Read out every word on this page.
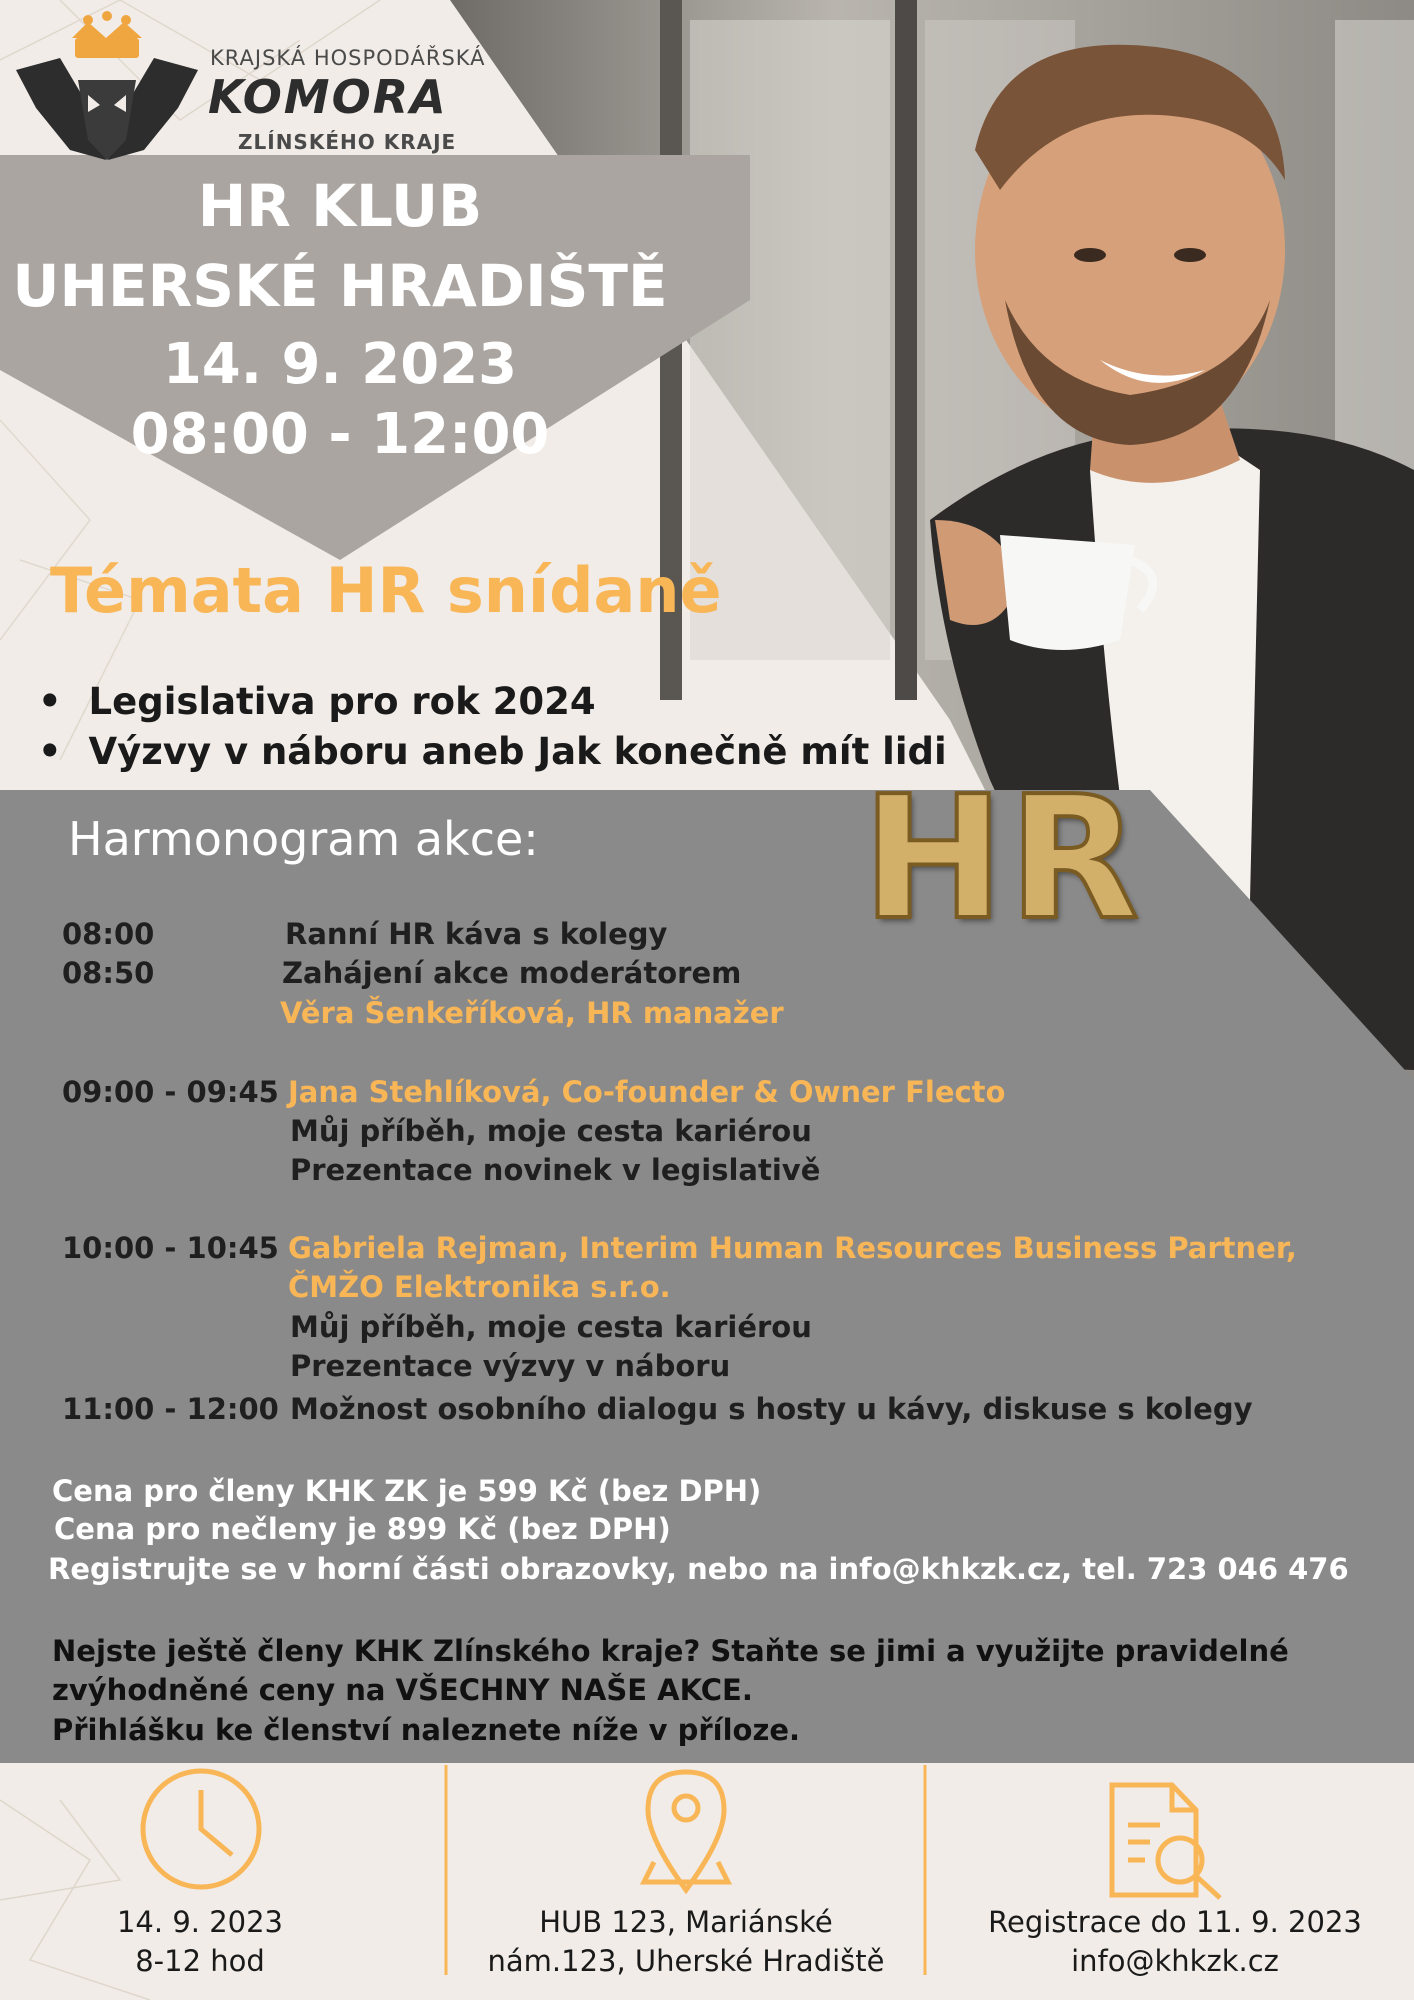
KRAJSKÁ HOSPODÁŘSKÁ
KOMORA
ZLÍNSKÉHO KRAJE
HR KLUB
UHERSKÉ HRADIŠTĚ
14. 9. 2023
08:00 - 12:00
Témata HR snídaně
• Legislativa pro rok 2024
• Výzvy v náboru aneb Jak konečně mít lidi
HR
Harmonogram akce:
08:00	Ranní HR káva s kolegy
08:50	Zahájení akce moderátorem
Věra Šenkeříková, HR manažer
09:00 - 09:45 Jana Stehlíková, Co-founder & Owner Flecto
Můj příběh, moje cesta kariérou
Prezentace novinek v legislativě
10:00 - 10:45 Gabriela Rejman, Interim Human Resources Business Partner,
ČMŽO Elektronika s.r.o.
Můj příběh, moje cesta kariérou
Prezentace výzvy v náboru
11:00 - 12:00 Možnost osobního dialogu s hosty u kávy, diskuse s kolegy
Cena pro členy KHK ZK je 599 Kč (bez DPH)
Cena pro nečleny je 899 Kč (bez DPH)
Registrujte se v horní části obrazovky, nebo na info@khkzk.cz, tel. 723 046 476
Nejste ještě členy KHK Zlínského kraje? Staňte se jimi a využijte pravidelné
zvýhodněné ceny na VŠECHNY NAŠE AKCE.
Přihlášku ke členství naleznete níže v příloze.
14. 9. 2023
8-12 hod
HUB 123, Mariánské
nám.123, Uherské Hradiště
Registrace do 11. 9. 2023
info@khkzk.cz
